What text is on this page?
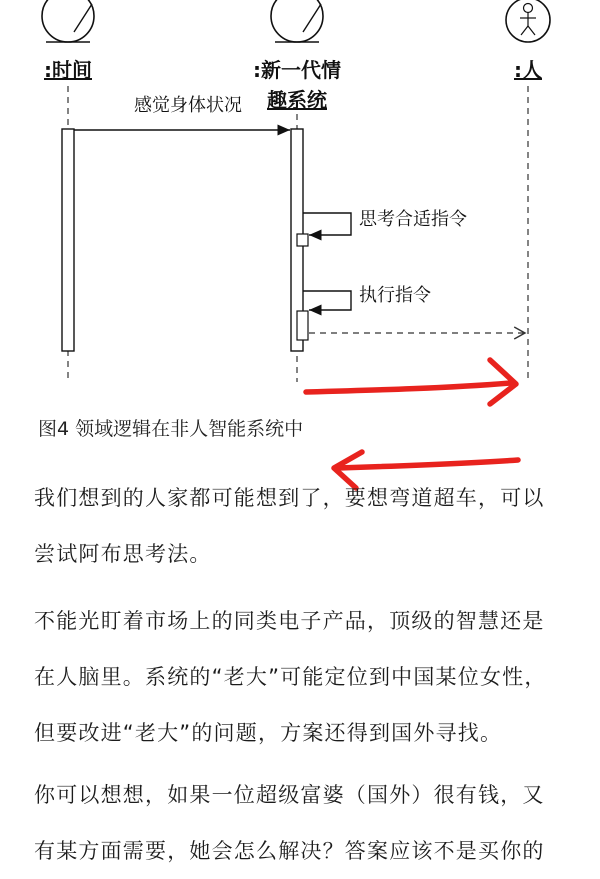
:时间	:新一代情
趣系统
:人
感觉身体状况
思考合适指令
执行指令
图4 领域逻辑在非人智能系统中
我们想到的人家都可能想到了，要想弯道超车，可以
尝试阿布思考法。
不能光盯着市场上的同类电子产品，顶级的智慧还是
在人脑里。系统的“老大”可能定位到中国某位女性，
但要改进“老大”的问题，方案还得到国外寻找。
你可以想想，如果一位超级富婆（国外）很有钱，又
有某方面需要，她会怎么解决？答案应该不是买你的
